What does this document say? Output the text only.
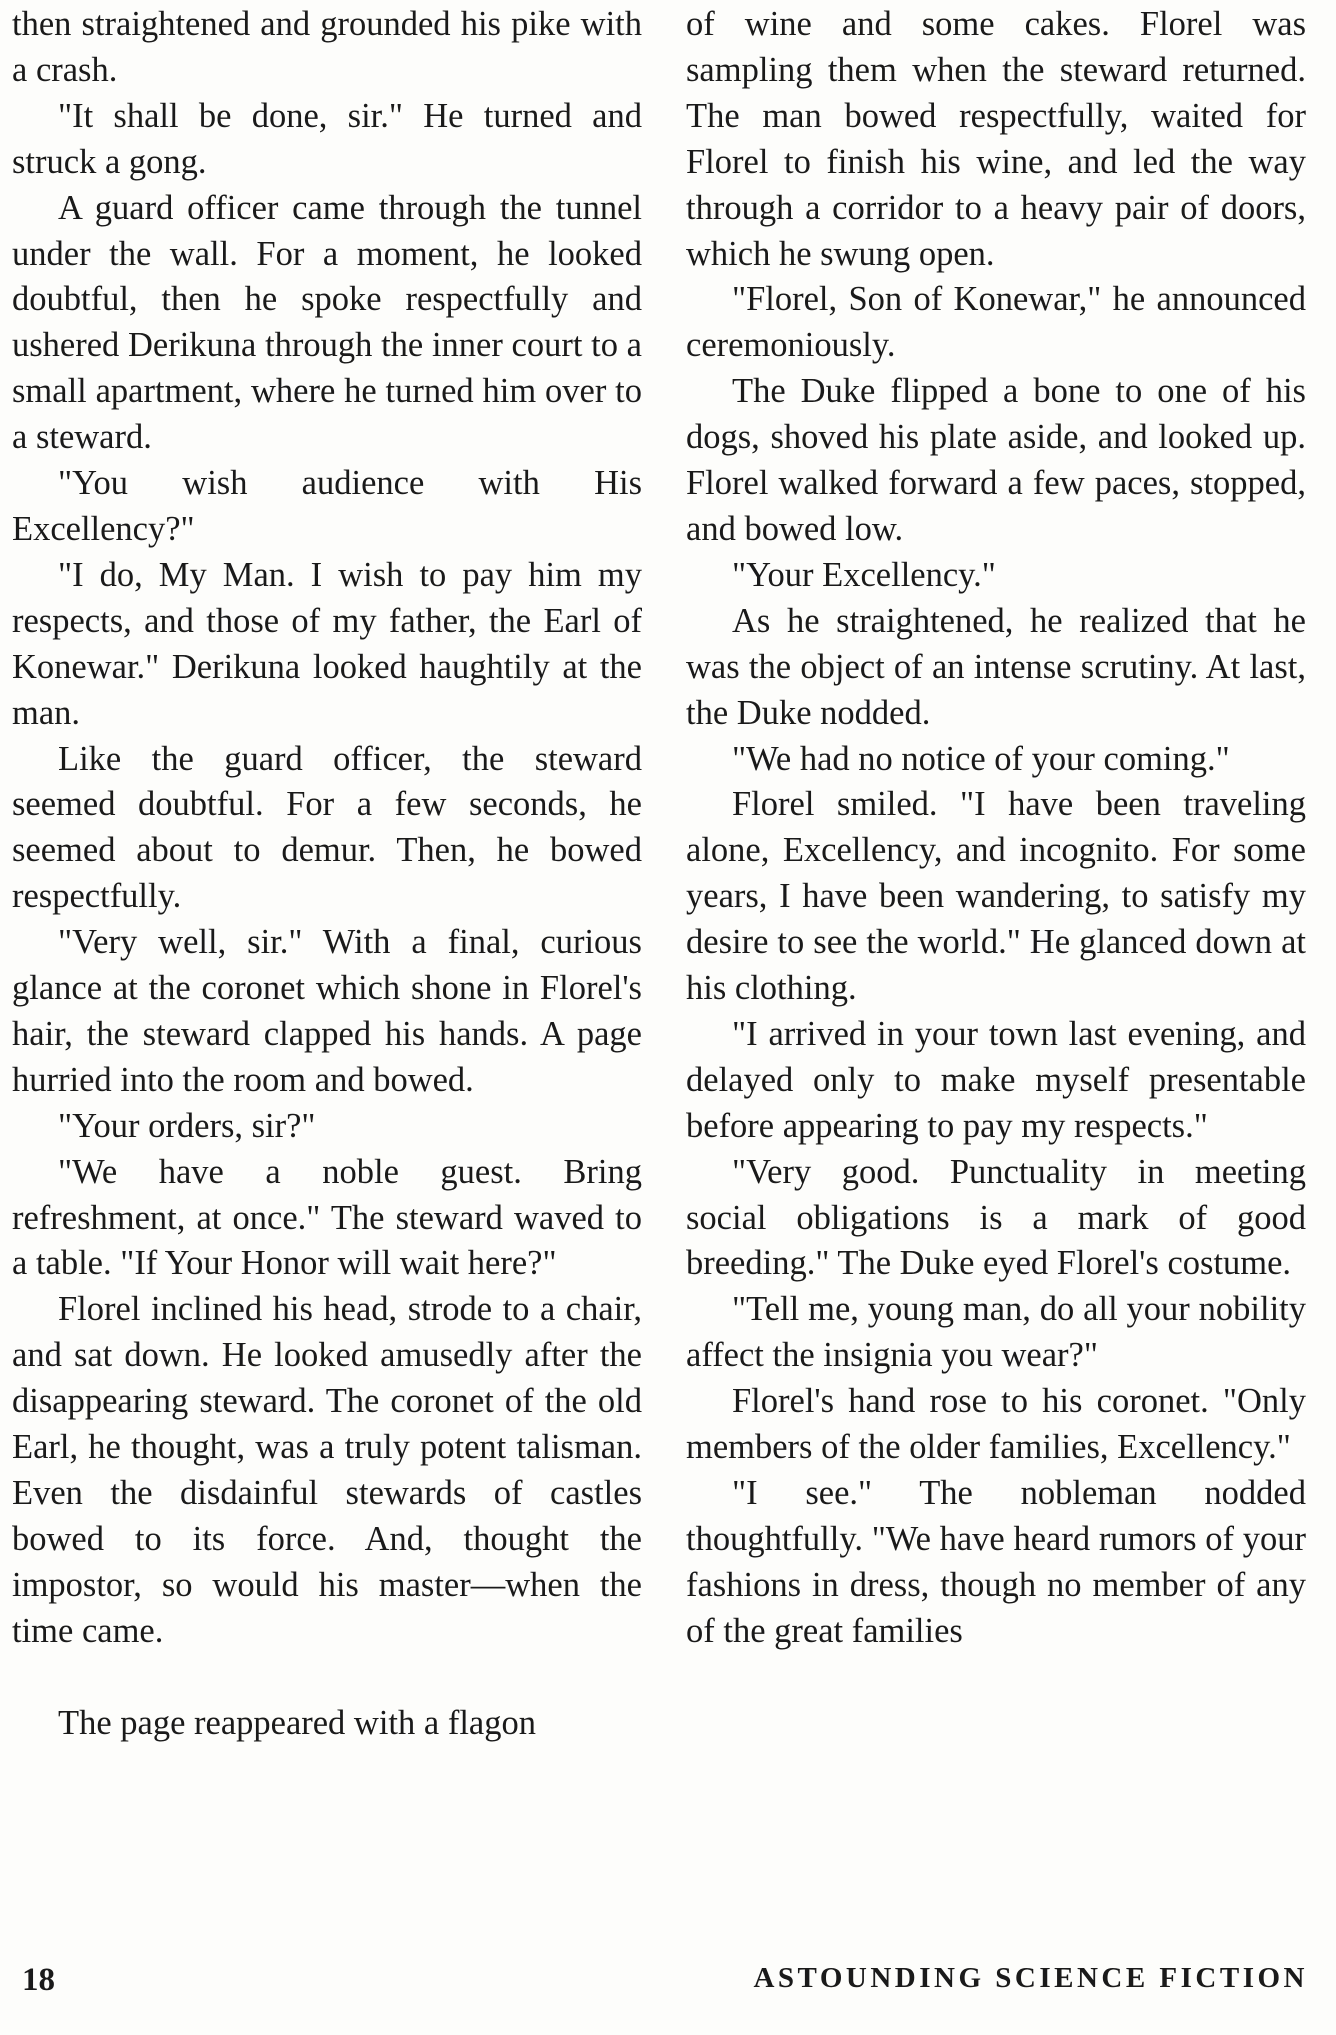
then straightened and grounded his pike with a crash.

"It shall be done, sir." He turned and struck a gong.

A guard officer came through the tunnel under the wall. For a moment, he looked doubtful, then he spoke respectfully and ushered Derikuna through the inner court to a small apartment, where he turned him over to a steward.

"You wish audience with His Excellency?"

"I do, My Man. I wish to pay him my respects, and those of my father, the Earl of Konewar." Derikuna looked haughtily at the man.

Like the guard officer, the steward seemed doubtful. For a few seconds, he seemed about to demur. Then, he bowed respectfully.

"Very well, sir." With a final, curious glance at the coronet which shone in Florel's hair, the steward clapped his hands. A page hurried into the room and bowed.

"Your orders, sir?"

"We have a noble guest. Bring refreshment, at once." The steward waved to a table. "If Your Honor will wait here?"

Florel inclined his head, strode to a chair, and sat down. He looked amusedly after the disappearing steward. The coronet of the old Earl, he thought, was a truly potent talisman. Even the disdainful stewards of castles bowed to its force. And, thought the impostor, so would his master—when the time came.

The page reappeared with a flagon

of wine and some cakes. Florel was sampling them when the steward returned. The man bowed respectfully, waited for Florel to finish his wine, and led the way through a corridor to a heavy pair of doors, which he swung open.

"Florel, Son of Konewar," he announced ceremoniously.

The Duke flipped a bone to one of his dogs, shoved his plate aside, and looked up. Florel walked forward a few paces, stopped, and bowed low.

"Your Excellency."

As he straightened, he realized that he was the object of an intense scrutiny. At last, the Duke nodded.

"We had no notice of your coming."

Florel smiled. "I have been traveling alone, Excellency, and incognito. For some years, I have been wandering, to satisfy my desire to see the world." He glanced down at his clothing.

"I arrived in your town last evening, and delayed only to make myself presentable before appearing to pay my respects."

"Very good. Punctuality in meeting social obligations is a mark of good breeding." The Duke eyed Florel's costume.

"Tell me, young man, do all your nobility affect the insignia you wear?"

Florel's hand rose to his coronet. "Only members of the older families, Excellency."

"I see." The nobleman nodded thoughtfully. "We have heard rumors of your fashions in dress, though no member of any of the great families

18	ASTOUNDING SCIENCE FICTION
